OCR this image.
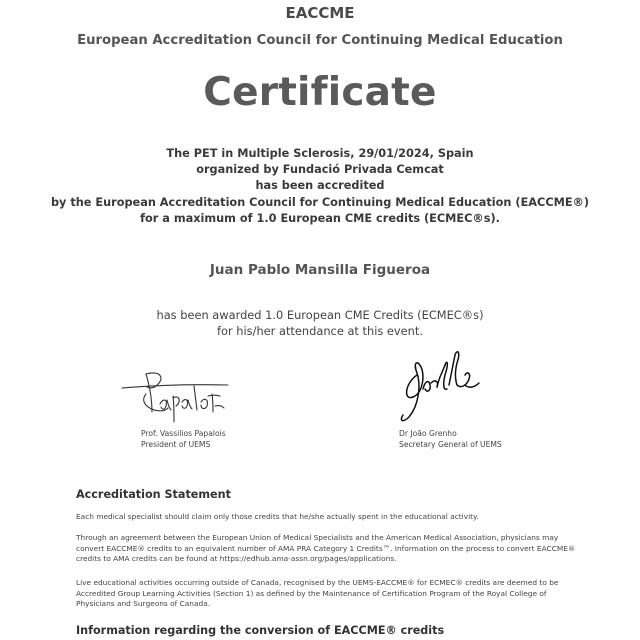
EACCME
European Accreditation Council for Continuing Medical Education
Certificate
The PET in Multiple Sclerosis, 29/01/2024, Spain
organized by Fundació Privada Cemcat
has been accredited
by the European Accreditation Council for Continuing Medical Education (EACCME®)
for a maximum of 1.0 European CME credits (ECMEC®s).
Juan Pablo Mansilla Figueroa
has been awarded 1.0 European CME Credits (ECMEC®s)
for his/her attendance at this event.
Prof. Vassilios Papalois
President of UEMS
Dr João Grenho
Secretary General of UEMS
Accreditation Statement
Each medical specialist should claim only those credits that he/she actually spent in the educational activity.
Through an agreement between the European Union of Medical Specialists and the American Medical Association, physicians may convert EACCME® credits to an equivalent number of AMA PRA Category 1 Credits™. Information on the process to convert EACCME® credits to AMA credits can be found at https://edhub.ama-assn.org/pages/applications.
Live educational activities occurring outside of Canada, recognised by the UEMS-EACCME® for ECMEC® credits are deemed to be Accredited Group Learning Activities (Section 1) as defined by the Maintenance of Certification Program of the Royal College of Physicians and Surgeons of Canada.
Information regarding the conversion of EACCME® credits
